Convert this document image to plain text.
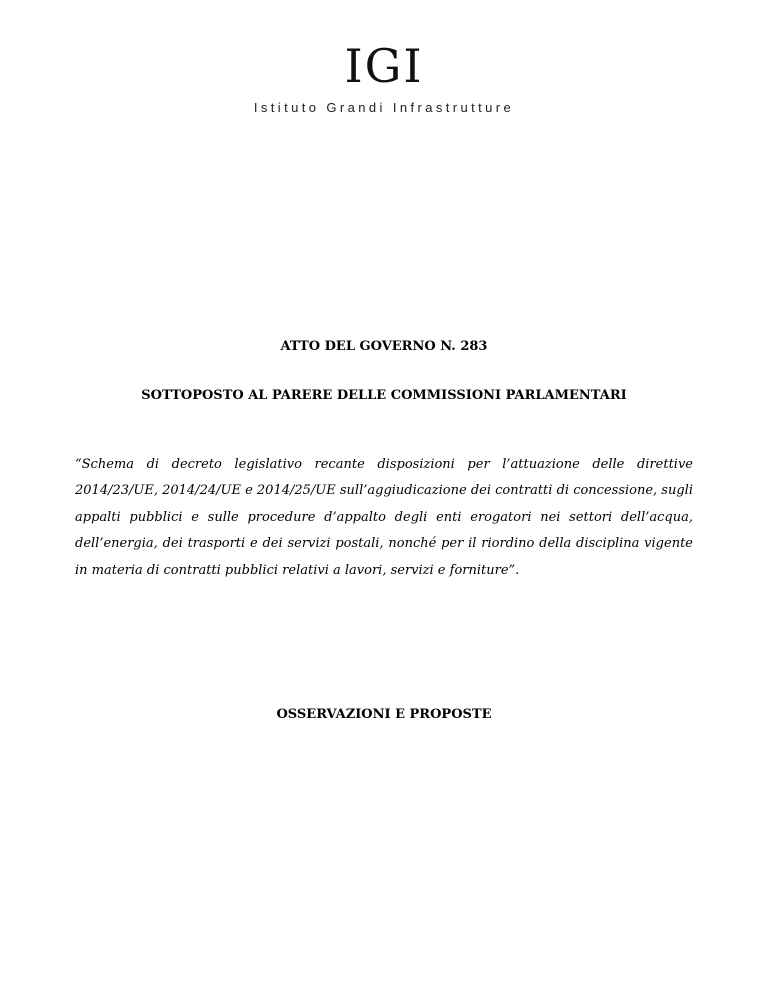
IGI
Istituto Grandi Infrastrutture
ATTO DEL GOVERNO N. 283
SOTTOPOSTO AL PARERE DELLE COMMISSIONI PARLAMENTARI
“Schema di decreto legislativo recante disposizioni per l’attuazione delle direttive 2014/23/UE, 2014/24/UE e 2014/25/UE sull’aggiudicazione dei contratti di concessione, sugli appalti pubblici e sulle procedure d’appalto degli enti erogatori nei settori dell’acqua, dell’energia, dei trasporti e dei servizi postali, nonché per il riordino della disciplina vigente in materia di contratti pubblici relativi a lavori, servizi e forniture”.
OSSERVAZIONI E PROPOSTE
